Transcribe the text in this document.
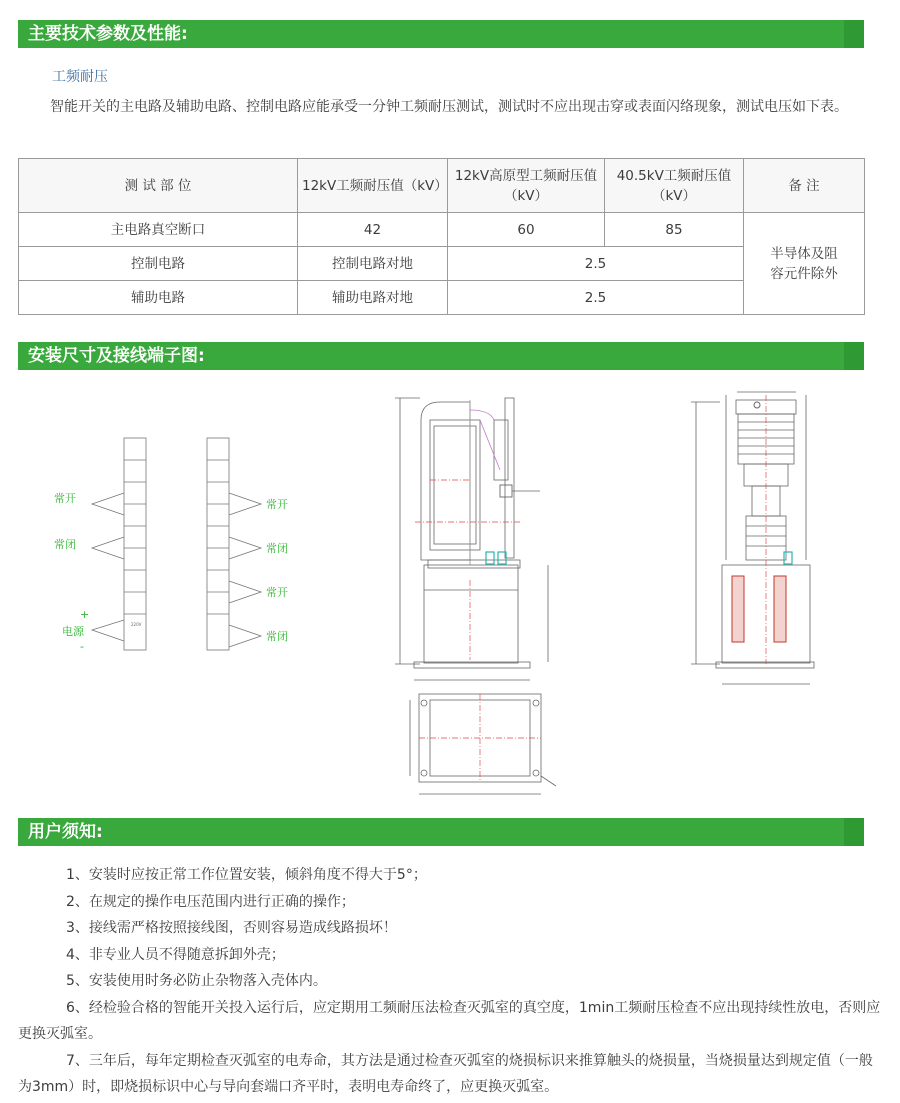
主要技术参数及性能:
工频耐压
智能开关的主电路及辅助电路、控制电路应能承受一分钟工频耐压测试，测试时不应出现击穿或表面闪络现象，测试电压如下表。
测 试 部 位	12kV工频耐压值（kV）	12kV高原型工频耐压值（kV）	40.5kV工频耐压值（kV）	备 注
主电路真空断口	42	60	85	半导体及阻容元件除外
控制电路	控制电路对地	2.5		
辅助电路	辅助电路对地	2.5		
安装尺寸及接线端子图:
常开
常闭
电源
+
-
220V
常开
常闭
常开
常闭
用户须知:
1、安装时应按正常工作位置安装，倾斜角度不得大于5°；
2、在规定的操作电压范围内进行正确的操作；
3、接线需严格按照接线图，否则容易造成线路损坏！
4、非专业人员不得随意拆卸外壳；
5、安装使用时务必防止杂物落入壳体内。
6、经检验合格的智能开关投入运行后，应定期用工频耐压法检查灭弧室的真空度，1min工频耐压检查不应出现持续性放电，否则应更换灭弧室。
7、三年后，每年定期检查灭弧室的电寿命，其方法是通过检查灭弧室的烧损标识来推算触头的烧损量，当烧损量达到规定值（一般为3mm）时，即烧损标识中心与导向套端口齐平时，表明电寿命终了，应更换灭弧室。
